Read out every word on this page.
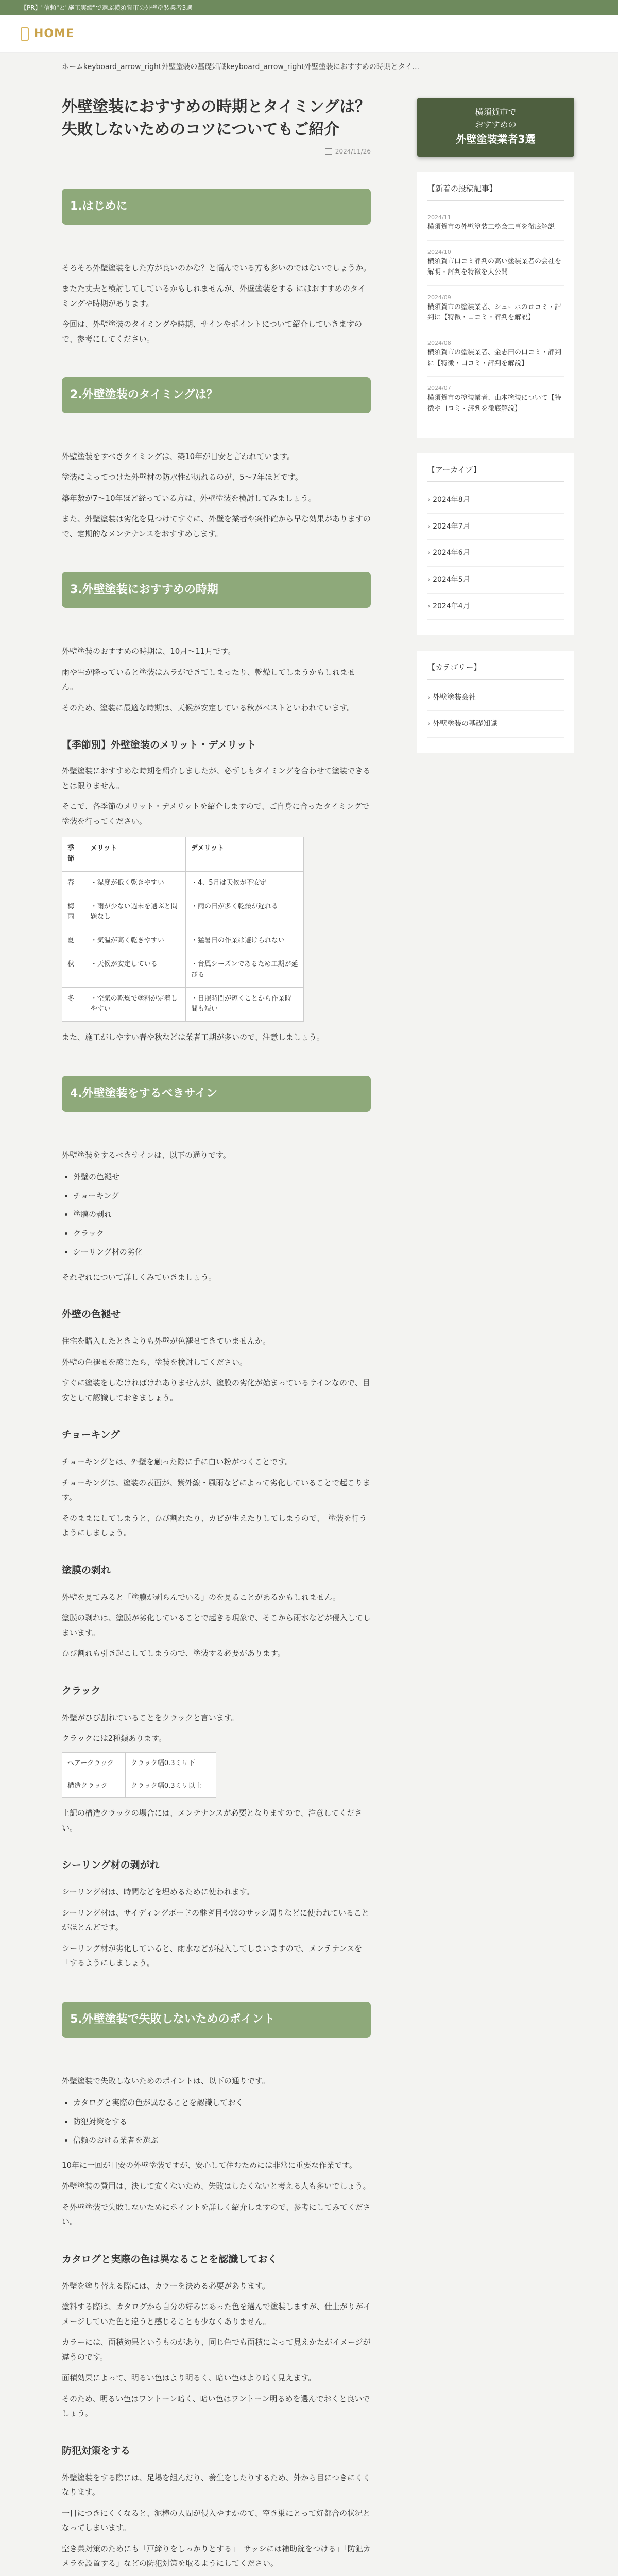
【PR】"信頼"と"施工実績"で選ぶ横須賀市の外壁塗装業者3選
HOME
ホーム keyboard_arrow_right 外壁塗装の基礎知識 keyboard_arrow_right 外壁塗装におすすめの時期とタイ...
外壁塗装におすすめの時期とタイミングは？失敗しないためのコツについてもご紹介
2024/11/26
1.はじめに

そろそろ外壁塗装をした方が良いのかな？と悩んでいる方も多いのではないでしょうか。

またた丈夫と検討してしているかもしれませんが、外壁塗装をする にはおすすめのタイミングや時期があります。

今回は、外壁塗装のタイミングや時期、サインやポイントについて紹介していきますので、参考にしてください。

2.外壁塗装のタイミングは？

外壁塗装をすべきタイミングは、築10年が目安と言われています。

塗装によってつけた外壁材の防水性が切れるのが、5〜7年ほどです。

築年数が7〜10年ほど経っている方は、外壁塗装を検討してみましょう。

また、外壁塗装は劣化を見つけてすぐに、外壁を業者や案件確から早な効果がありますので、定期的なメンテナンスをおすすめします。

3.外壁塗装におすすめの時期

外壁塗装のおすすめの時期は、10月〜11月です。

雨や雪が降っていると塗装はムラができてしまったり、乾燥してしまうかもしれません。

そのため、塗装に最適な時期は、天候が安定している秋がベストといわれています。

【季節別】外壁塗装のメリット・デメリット

外壁塗装におすすめな時期を紹介しましたが、必ずしもタイミングを合わせて塗装できるとは限りません。

そこで、各季節のメリット・デメリットを紹介しますので、ご自身に合ったタイミングで塗装を行ってください。

季節	メリット	デメリット
春	・湿度が低く乾きやすい	・4、5月は天候が不安定
梅雨	・雨が少ない週末を選ぶと問題なし	・雨の日が多く乾燥が遅れる
夏	・気温が高く乾きやすい	・猛暑日の作業は避けられない
秋	・天候が安定している	・台風シーズンであるため工期が延びる
冬	・空気の乾燥で塗料が定着しやすい	・日照時間が短くことから作業時間も短い

また、施工がしやすい春や秋などは業者工期が多いので、注意しましょう。

4.外壁塗装をするべきサイン

外壁塗装をするべきサインは、以下の通りです。

• 外壁の色褪せ
• チョーキング
• 塗膜の剥れ
• クラック
• シーリング材の劣化

それぞれについて詳しくみていきましょう。

外壁の色褪せ

住宅を購入したときよりも外壁が色褪せてきていませんか。

外壁の色褪せを感じたら、塗装を検討してください。

すぐに塗装をしなければけれありませんが、塗膜の劣化が始まっているサインなので、目安として認識しておきましょう。

チョーキング

チョーキングとは、外壁を触った際に手に白い粉がつくことです。

チョーキングは、塗装の表面が、紫外線・風雨などによって劣化していることで起こります。

そのままにしてしまうと、ひび割れたり、カビが生えたりしてしまうので、　塗装を行うようにしましょう。

塗膜の剥れ

外壁を見てみると「塗膜が剥らんでいる」のを見ることがあるかもしれません。

塗膜の剥れは、塗膜が劣化していることで起きる現象で、そこから雨水などが侵入してしまいます。

ひび割れも引き起こしてしまうので、塗装する必要があります。

クラック

外壁がひび割れていることをクラックと言います。

クラックには2種類あります。

ヘアークラック	クラック幅0.3ミリ下
構造クラック	クラック幅0.3ミリ以上

上記の構造クラックの場合には、メンテナンスが必要となりますので、注意してください。

シーリング材の剥がれ

シーリング材は、時間などを埋めるために使われます。

シーリング材は、サイディングボードの継ぎ目や窓のサッシ周りなどに使われていることがほとんどです。

シーリング材が劣化していると、雨水などが侵入してしまいますので、メンテナンスを「するようにしましょう。

5.外壁塗装で失敗しないためのポイント

外壁塗装で失敗しないためのポイントは、以下の通りです。

• カタログと実際の色が異なることを認識しておく
• 防犯対策をする
• 信頼のおける業者を選ぶ

10年に一回が目安の外壁塗装ですが、安心して住むためには非常に重要な作業です。

外壁塗装の費用は、決して安くないため、失敗はしたくないと考える人も多いでしょう。

そ外壁塗装で失敗しないためにポイントを詳しく紹介しますので、参考にしてみてください。

カタログと実際の色は異なることを認識しておく

外壁を塗り替える際には、カラーを決める必要があります。

塗料する際は、カタログから自分の好みにあった色を選んで塗装しますが、仕上がりがイメージしていた色と違うと感じることも少なくありません。

カラーには、面積効果というものがあり、同じ色でも面積によって見えかたがイメージが違うのです。

面積効果によって、明るい色はより明るく、暗い色はより暗く見えます。

そのため、明るい色はワントーン暗く、暗い色はワントーン明るめを選んでおくと良いでしょう。

防犯対策をする

外壁塗装をする際には、足場を組んだり、養生をしたりするため、外から目につきにくくなります。

一目につきにくくなると、泥棒の人間が侵入やすかのて、空き巣にとって好都合の状況となってしまいます。

空き巣対策のためにも「戸締りをしっかりとする」「サッシには補助錠をつける」「防犯カメラを設置する」などの防犯対策を取るようにしてください。

横須賀市で
おすすめの
外壁塗装業者3選
【新着の投稿記事】
2024/11
横須賀市の外壁塗装工務会工事を徹底解説
2024/10
横須賀市口コミ評判の高い塗装業者の会社を解明・評判を特徴を大公開
2024/09
横須賀市の塗装業者、シューホのロコミ・評判に【特徴・口コミ・評判を解説】
2024/08
横須賀市の塗装業者、金志田の口コミ・評判に【特徴・口コミ・評判を解説】
2024/07
横須賀市の塗装業者、山本塗装について【特徴や口コミ・評判を徹底解説】
【アーカイブ】
› 2024年8月
› 2024年7月
› 2024年6月
› 2024年5月
› 2024年4月
【カテゴリー】
› 外壁塗装会社
› 外壁塗装の基礎知識
